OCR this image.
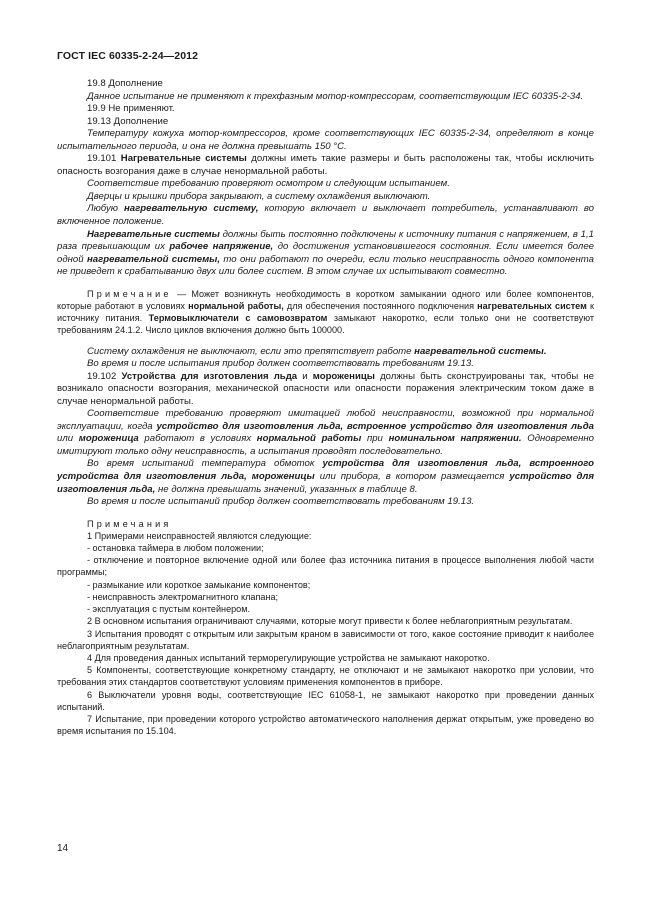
ГОСТ IEC 60335-2-24—2012

19.8 Дополнение

Данное испытание не применяют к трехфазным мотор-компрессорам, соответствующим IEC 60335-2-34.

19.9 Не применяют.

19.13 Дополнение

Температуру кожуха мотор-компрессоров, кроме соответствующих IEC 60335-2-34, определяют в конце испытательного периода, и она не должна превышать 150 °С.

19.101 Нагревательные системы должны иметь такие размеры и быть расположены так, чтобы исключить опасность возгорания даже в случае ненормальной работы.

Соответствие требованию проверяют осмотром и следующим испытанием.

Дверцы и крышки прибора закрывают, а систему охлаждения выключают.

Любую нагревательную систему, которую включает и выключает потребитель, устанавливают во включенное положение.

Нагревательные системы должны быть постоянно подключены к источнику питания с напряжением, в 1,1 раза превышающим их рабочее напряжение, до достижения установившегося состояния. Если имеется более одной нагревательной системы, то они работают по очереди, если только неисправность одного компонента не приведет к срабатыванию двух или более систем. В этом случае их испытывают совместно.

Примечание — Может возникнуть необходимость в коротком замыкании одного или более компонентов, которые работают в условиях нормальной работы, для обеспечения постоянного подключения нагревательных систем к источнику питания. Термовыключатели с самовозвратом замыкают накоротко, если только они не соответствуют требованиям 24.1.2. Число циклов включения должно быть 100000.

Систему охлаждения не выключают, если это препятствует работе нагревательной системы.

Во время и после испытания прибор должен соответствовать требованиям 19.13.

19.102 Устройства для изготовления льда и мороженицы должны быть сконструированы так, чтобы не возникало опасности возгорания, механической опасности или опасности поражения электрическим током даже в случае ненормальной работы.

Соответствие требованию проверяют имитацией любой неисправности, возможной при нормальной эксплуатации, когда устройство для изготовления льда, встроенное устройство для изготовления льда или мороженица работают в условиях нормальной работы при номинальном напряжении. Одновременно имитируют только одну неисправность, а испытания проводят последовательно.

Во время испытаний температура обмоток устройства для изготовления льда, встроенного устройства для изготовления льда, мороженицы или прибора, в котором размещается устройство для изготовления льда, не должна превышать значений, указанных в таблице 8.

Во время и после испытаний прибор должен соответствовать требованиям 19.13.

Примечания

1 Примерами неисправностей являются следующие:

- остановка таймера в любом положении;

- отключение и повторное включение одной или более фаз источника питания в процессе выполнения любой части программы;

- размыкание или короткое замыкание компонентов;

- неисправность электромагнитного клапана;

- эксплуатация с пустым контейнером.

2 В основном испытания ограничивают случаями, которые могут привести к более неблагоприятным результатам.

3 Испытания проводят с открытым или закрытым краном в зависимости от того, какое состояние приводит к наиболее неблагоприятным результатам.

4 Для проведения данных испытаний терморегулирующие устройства не замыкают накоротко.

5 Компоненты, соответствующие конкретному стандарту, не отключают и не замыкают накоротко при условии, что требования этих стандартов соответствуют условиям применения компонентов в приборе.

6 Выключатели уровня воды, соответствующие IEC 61058-1, не замыкают накоротко при проведении данных испытаний.

7 Испытание, при проведении которого устройство автоматического наполнения держат открытым, уже проведено во время испытания по 15.104.

14
